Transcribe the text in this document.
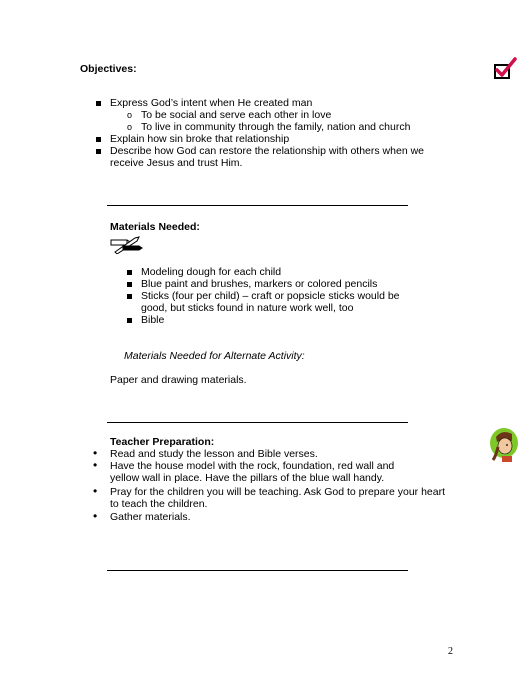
Objectives:
Express God’s intent when He created man
o To be social and serve each other in love
o To live in community through the family, nation and church
Explain how sin broke that relationship
Describe how God can restore the relationship with others when we
receive Jesus and trust Him.
Materials Needed:
Modeling dough for each child
Blue paint and brushes, markers or colored pencils
Sticks (four per child) – craft or popsicle sticks would be
good, but sticks found in nature work well, too
Bible
Materials Needed for Alternate Activity:
Paper and drawing materials.
Teacher Preparation:
• Read and study the lesson and Bible verses.
• Have the house model with the rock, foundation, red wall and
yellow wall in place. Have the pillars of the blue wall handy.
• Pray for the children you will be teaching. Ask God to prepare your heart
to teach the children.
• Gather materials.
2
